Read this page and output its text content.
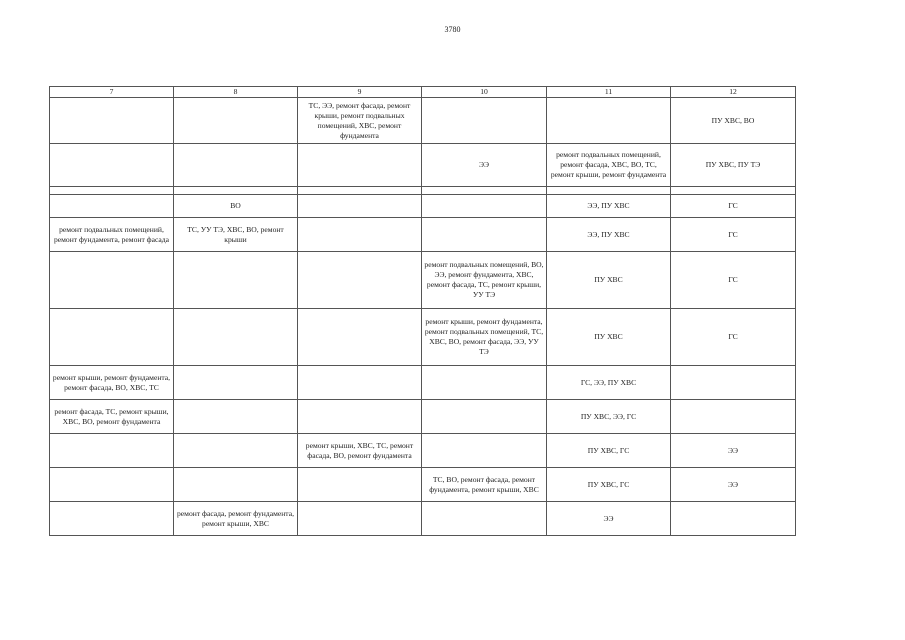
3780
7	8	9	10	11	12
		ТС, ЭЭ, ремонт фасада, ремонт крыши, ремонт подвальных помещений, ХВС, ремонт фундамента			ПУ ХВС, ВО
			ЭЭ	ремонт подвальных помещений, ремонт фасада, ХВС, ВО, ТС, ремонт крыши, ремонт фундамента	ПУ ХВС, ПУ ТЭ

	ВО			ЭЭ, ПУ ХВС	ГС
ремонт подвальных помещений, ремонт фундамента, ремонт фасада	ТС, УУ ТЭ, ХВС, ВО, ремонт крыши			ЭЭ, ПУ ХВС	ГС
			ремонт подвальных помещений, ВО, ЭЭ, ремонт фундамента, ХВС, ремонт фасада, ТС, ремонт крыши, УУ ТЭ	ПУ ХВС	ГС
			ремонт крыши, ремонт фундамента, ремонт подвальных помещений, ТС, ХВС, ВО, ремонт фасада, ЭЭ, УУ ТЭ	ПУ ХВС	ГС
ремонт крыши, ремонт фундамента, ремонт фасада, ВО, ХВС, ТС				ГС, ЭЭ, ПУ ХВС	
ремонт фасада, ТС, ремонт крыши, ХВС, ВО, ремонт фундамента				ПУ ХВС, ЭЭ, ГС	
		ремонт крыши, ХВС, ТС, ремонт фасада, ВО, ремонт фундамента		ПУ ХВС, ГС	ЭЭ
			ТС, ВО, ремонт фасада, ремонт фундамента, ремонт крыши, ХВС	ПУ ХВС, ГС	ЭЭ
	ремонт фасада, ремонт фундамента, ремонт крыши, ХВС			ЭЭ	
